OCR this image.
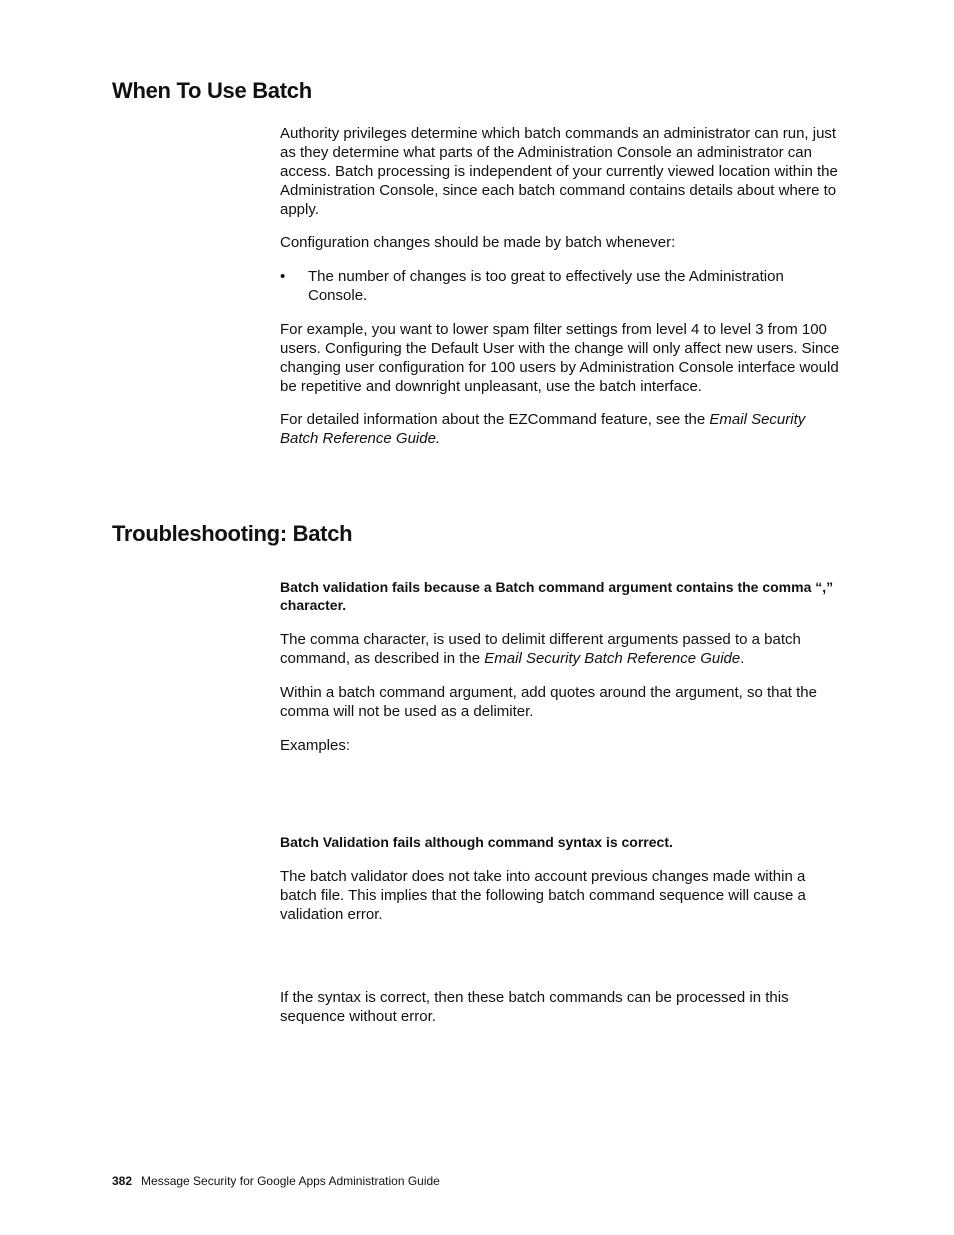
When To Use Batch

Authority privileges determine which batch commands an administrator can run, just as they determine what parts of the Administration Console an administrator can access. Batch processing is independent of your currently viewed location within the Administration Console, since each batch command contains details about where to apply.

Configuration changes should be made by batch whenever:

• The number of changes is too great to effectively use the Administration Console.

For example, you want to lower spam filter settings from level 4 to level 3 from 100 users. Configuring the Default User with the change will only affect new users. Since changing user configuration for 100 users by Administration Console interface would be repetitive and downright unpleasant, use the batch interface.

For detailed information about the EZCommand feature, see the Email Security Batch Reference Guide.

Troubleshooting: Batch

Batch validation fails because a Batch command argument contains the comma “,” character.

The comma character, is used to delimit different arguments passed to a batch command, as described in the Email Security Batch Reference Guide.

Within a batch command argument, add quotes around the argument, so that the comma will not be used as a delimiter.

Examples:

Batch Validation fails although command syntax is correct.

The batch validator does not take into account previous changes made within a batch file. This implies that the following batch command sequence will cause a validation error.

If the syntax is correct, then these batch commands can be processed in this sequence without error.

382 Message Security for Google Apps Administration Guide
